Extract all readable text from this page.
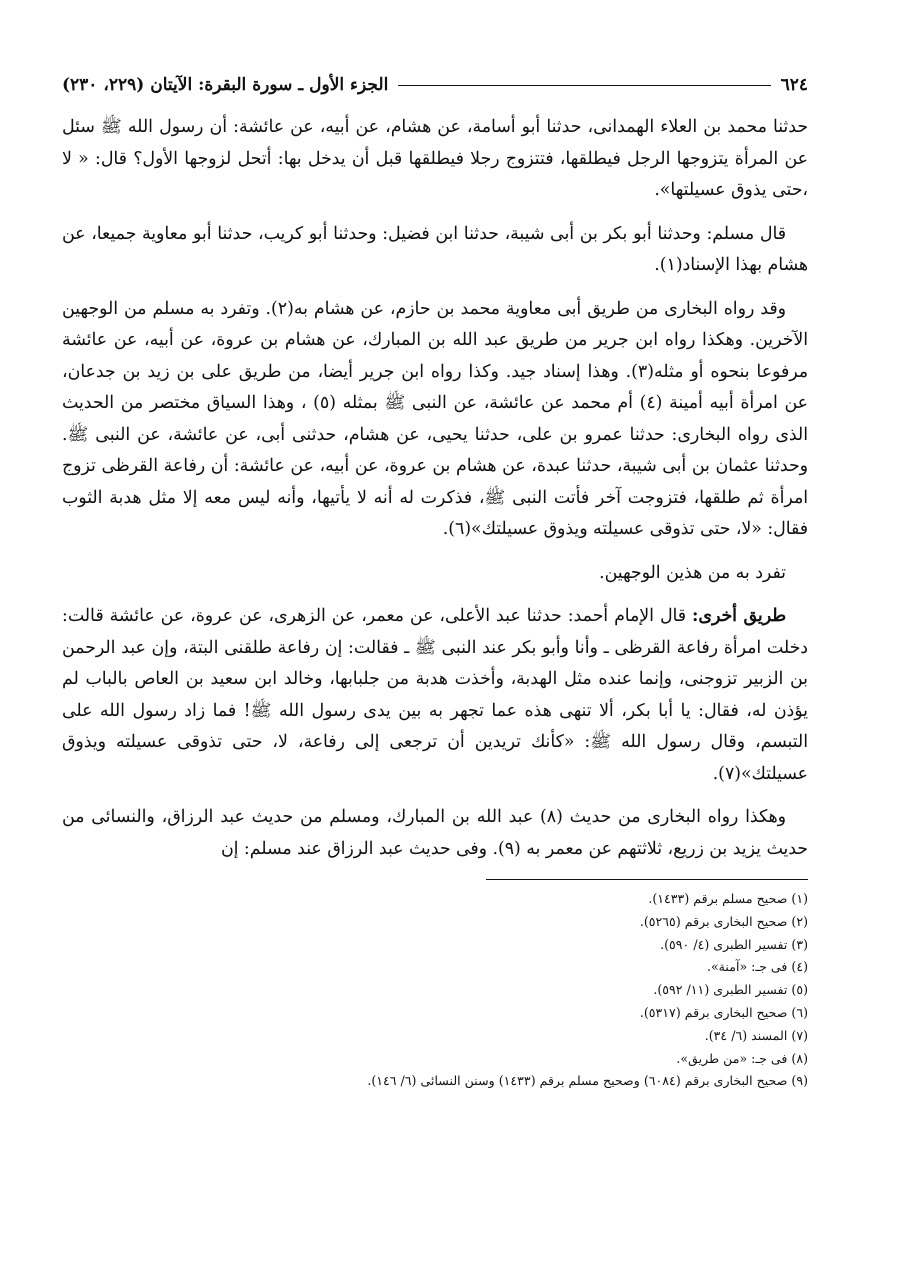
٦٢٤
الجزء الأول ـ سورة البقرة: الآيتان (٢٢٩، ٢٣٠)

حدثنا محمد بن العلاء الهمدانى، حدثنا أبو أسامة، عن هشام، عن أبيه، عن عائشة: أن رسول الله ﷺ سئل عن المرأة يتزوجها الرجل فيطلقها، فتتزوج رجلا فيطلقها قبل أن يدخل بها: أتحل لزوجها الأول؟ قال: « لا ،حتى يذوق عسيلتها».

قال مسلم: وحدثنا أبو بكر بن أبى شيبة، حدثنا ابن فضيل: وحدثنا أبو كريب، حدثنا أبو معاوية جميعا، عن هشام بهذا الإسناد(١).

وقد رواه البخارى من طريق أبى معاوية محمد بن حازم، عن هشام به(٢). وتفرد به مسلم من الوجهين الآخرين. وهكذا رواه ابن جرير من طريق عبد الله بن المبارك، عن هشام بن عروة، عن أبيه، عن عائشة مرفوعا بنحوه أو مثله(٣). وهذا إسناد جيد. وكذا رواه ابن جرير أيضا، من طريق على بن زيد بن جدعان، عن امرأة أبيه أمينة (٤) أم محمد عن عائشة، عن النبى ﷺ بمثله (٥) ، وهذا السياق مختصر من الحديث الذى رواه البخارى: حدثنا عمرو بن على، حدثنا يحيى، عن هشام، حدثنى أبى، عن عائشة، عن النبى ﷺ. وحدثنا عثمان بن أبى شيبة، حدثنا عبدة، عن هشام بن عروة، عن أبيه، عن عائشة: أن رفاعة القرظى تزوج امرأة ثم طلقها، فتزوجت آخر فأتت النبى ﷺ، فذكرت له أنه لا يأتيها، وأنه ليس معه إلا مثل هدبة الثوب فقال: «لا، حتى تذوقى عسيلته ويذوق عسيلتك»(٦).

تفرد به من هذين الوجهين.

طريق أخرى: قال الإمام أحمد: حدثنا عبد الأعلى، عن معمر، عن الزهرى، عن عروة، عن عائشة قالت: دخلت امرأة رفاعة القرظى ـ وأنا وأبو بكر عند النبى ﷺ ـ فقالت: إن رفاعة طلقنى البتة، وإن عبد الرحمن بن الزبير تزوجنى، وإنما عنده مثل الهدبة، وأخذت هدبة من جلبابها، وخالد ابن سعيد بن العاص بالباب لم يؤذن له، فقال: يا أبا بكر، ألا تنهى هذه عما تجهر به بين يدى رسول الله ﷺ! فما زاد رسول الله على التبسم، وقال رسول الله ﷺ: «كأنك تريدين أن ترجعى إلى رفاعة، لا، حتى تذوقى عسيلته ويذوق عسيلتك»(٧).

وهكذا رواه البخارى من حديث (٨) عبد الله بن المبارك، ومسلم من حديث عبد الرزاق، والنسائى من حديث يزيد بن زريع، ثلاثتهم عن معمر به (٩). وفى حديث عبد الرزاق عند مسلم: إن

(١) صحيح مسلم برقم (١٤٣٣).
(٢) صحيح البخارى برقم (٥٢٦٥).
(٣) تفسير الطبرى (٤/ ٥٩٠).
(٤) فى جـ: «آمنة».
(٥) تفسير الطبرى (١١/ ٥٩٢).
(٦) صحيح البخارى برقم (٥٣١٧).
(٧) المسند (٦/ ٣٤).
(٨) فى جـ: «من طريق».
(٩) صحيح البخارى برقم (٦٠٨٤) وصحيح مسلم برقم (١٤٣٣) وسنن النسائى (٦/ ١٤٦).
